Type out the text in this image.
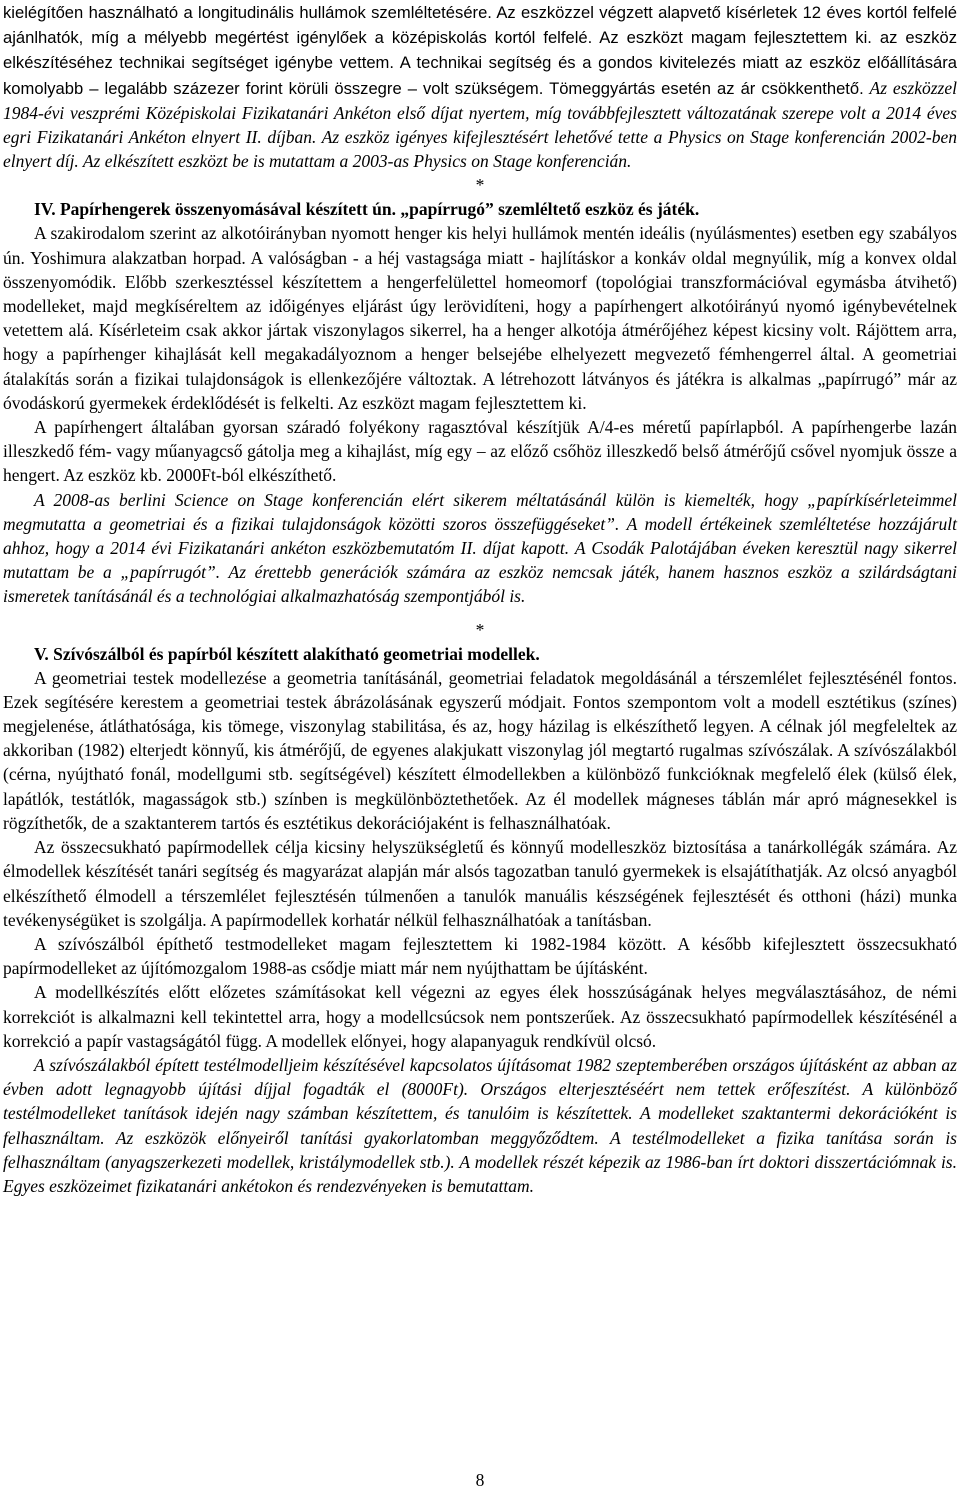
kielégítően használható a longitudinális hullámok szemléltetésére. Az eszközzel végzett alapvető kísérletek 12 éves kortól felfelé ajánlhatók, míg a mélyebb megértést igénylőek a középiskolás kortól felfelé. Az eszközt magam fejlesztettem ki. az eszköz elkészítéséhez technikai segítséget igénybe vettem. A technikai segítség és a gondos kivitelezés miatt az eszköz előállítására komolyabb – legalább százezer forint körüli összegre – volt szükségem. Tömeggyártás esetén az ár csökkenthető. Az eszközzel 1984-évi veszprémi Középiskolai Fizikatanári Ankéton első díjat nyertem, míg továbbfejlesztett változatának szerepe volt a 2014 éves egri Fizikatanári Ankéton elnyert II. díjban. Az eszköz igényes kifejlesztésért lehetővé tette a Physics on Stage konferencián 2002-ben elnyert díj. Az elkészített eszközt be is mutattam a 2003-as Physics on Stage konferencián.

*
IV. Papírhengerek összenyomásával készített ún. „papírrugó” szemléltető eszköz és játék.

A szakirodalom szerint az alkotóirányban nyomott henger kis helyi hullámok mentén ideális (nyúlásmentes) esetben egy szabályos ún. Yoshimura alakzatban horpad. A valóságban - a héj vastagsága miatt - hajlításkor a konkáv oldal megnyúlik, míg a konvex oldal összenyomódik. Előbb szerkesztéssel készítettem a hengerfelülettel homeomorf (topológiai transzformációval egymásba átvihető) modelleket, majd megkíséreltem az időigényes eljárást úgy lerövidíteni, hogy a papírhengert alkotóirányú nyomó igénybevételnek vetettem alá. Kísérleteim csak akkor jártak viszonylagos sikerrel, ha a henger alkotója átmérőjéhez képest kicsiny volt. Rájöttem arra, hogy a papírhenger kihajlását kell megakadályoznom a henger belsejébe elhelyezett megvezető fémhengerrel által. A geometriai átalakítás során a fizikai tulajdonságok is ellenkezőjére változtak. A létrehozott látványos és játékra is alkalmas „papírrugó” már az óvodáskorú gyermekek érdeklődését is felkelti. Az eszközt magam fejlesztettem ki.

A papírhengert általában gyorsan száradó folyékony ragasztóval készítjük A/4-es méretű papírlapból. A papírhengerbe lazán illeszkedő fém- vagy műanyagcső gátolja meg a kihajlást, míg egy – az előző csőhöz illeszkedő belső átmérőjű csővel nyomjuk össze a hengert. Az eszköz kb. 2000Ft-ból elkészíthető.

A 2008-as berlini Science on Stage konferencián elért sikerem méltatásánál külön is kiemelték, hogy „papírkísérleteimmel megmutatta a geometriai és a fizikai tulajdonságok közötti szoros összefüggéseket”. A modell értékeinek szemléltetése hozzájárult ahhoz, hogy a 2014 évi Fizikatanári ankéton eszközbemutatóm II. díjat kapott. A Csodák Palotájában éveken keresztül nagy sikerrel mutattam be a „papírrugót”. Az érettebb generációk számára az eszköz nemcsak játék, hanem hasznos eszköz a szilárdságtani ismeretek tanításánál és a technológiai alkalmazhatóság szempontjából is.

*
V. Szívószálból és papírból készített alakítható geometriai modellek.

A geometriai testek modellezése a geometria tanításánál, geometriai feladatok megoldásánál a térszemlélet fejlesztésénél fontos. Ezek segítésére kerestem a geometriai testek ábrázolásának egyszerű módjait. Fontos szempontom volt a modell esztétikus (színes) megjelenése, átláthatósága, kis tömege, viszonylag stabilitása, és az, hogy házilag is elkészíthető legyen. A célnak jól megfeleltek az akkoriban (1982) elterjedt könnyű, kis átmérőjű, de egyenes alakjukatt viszonylag jól megtartó rugalmas szívószálak. A szívószálakból (cérna, nyújtható fonál, modellgumi stb. segítségével) készített élmodellekben a különböző funkcióknak megfelelő élek (külső élek, lapátlók, testátlók, magasságok stb.) színben is megkülönböztethetőek. Az él modellek mágneses táblán már apró mágnesekkel is rögzíthetők, de a szaktanterem tartós és esztétikus dekorációjaként is felhasználhatóak.

Az összecsukható papírmodellek célja kicsiny helyszükségletű és könnyű modelleszköz biztosítása a tanárkollégák számára. Az élmodellek készítését tanári segítség és magyarázat alapján már alsós tagozatban tanuló gyermekek is elsajátíthatják. Az olcsó anyagból elkészíthető élmodell a térszemlélet fejlesztésén túlmenően a tanulók manuális készségének fejlesztését és otthoni (házi) munka tevékenységüket is szolgálja. A papírmodellek korhatár nélkül felhasználhatóak a tanításban.

A szívószálból építhető testmodelleket magam fejlesztettem ki 1982-1984 között. A később kifejlesztett összecsukható papírmodelleket az újítómozgalom 1988-as csődje miatt már nem nyújthattam be újításként.

A modellkészítés előtt előzetes számításokat kell végezni az egyes élek hosszúságának helyes megválasztásához, de némi korrekciót is alkalmazni kell tekintettel arra, hogy a modellcsúcsok nem pontszerűek. Az összecsukható papírmodellek készítésénél a korrekció a papír vastagságától függ. A modellek előnyei, hogy alapanyaguk rendkívül olcsó.

A szívószálakból épített testélmodelljeim készítésével kapcsolatos újításomat 1982 szeptemberében országos újításként az abban az évben adott legnagyobb újítási díjjal fogadták el (8000Ft). Országos elterjesztéséért nem tettek erőfeszítést. A különböző testélmodelleket tanítások idején nagy számban készítettem, és tanulóim is készítettek. A modelleket szaktantermi dekorációként is felhasználtam. Az eszközök előnyeiről tanítási gyakorlatomban meggyőződtem. A testélmodelleket a fizika tanítása során is felhasználtam (anyagszerkezeti modellek, kristálymodellek stb.). A modellek részét képezik az 1986-ban írt doktori disszertációmnak is. Egyes eszközeimet fizikatanári ankétokon és rendezvényeken is bemutattam.

8
